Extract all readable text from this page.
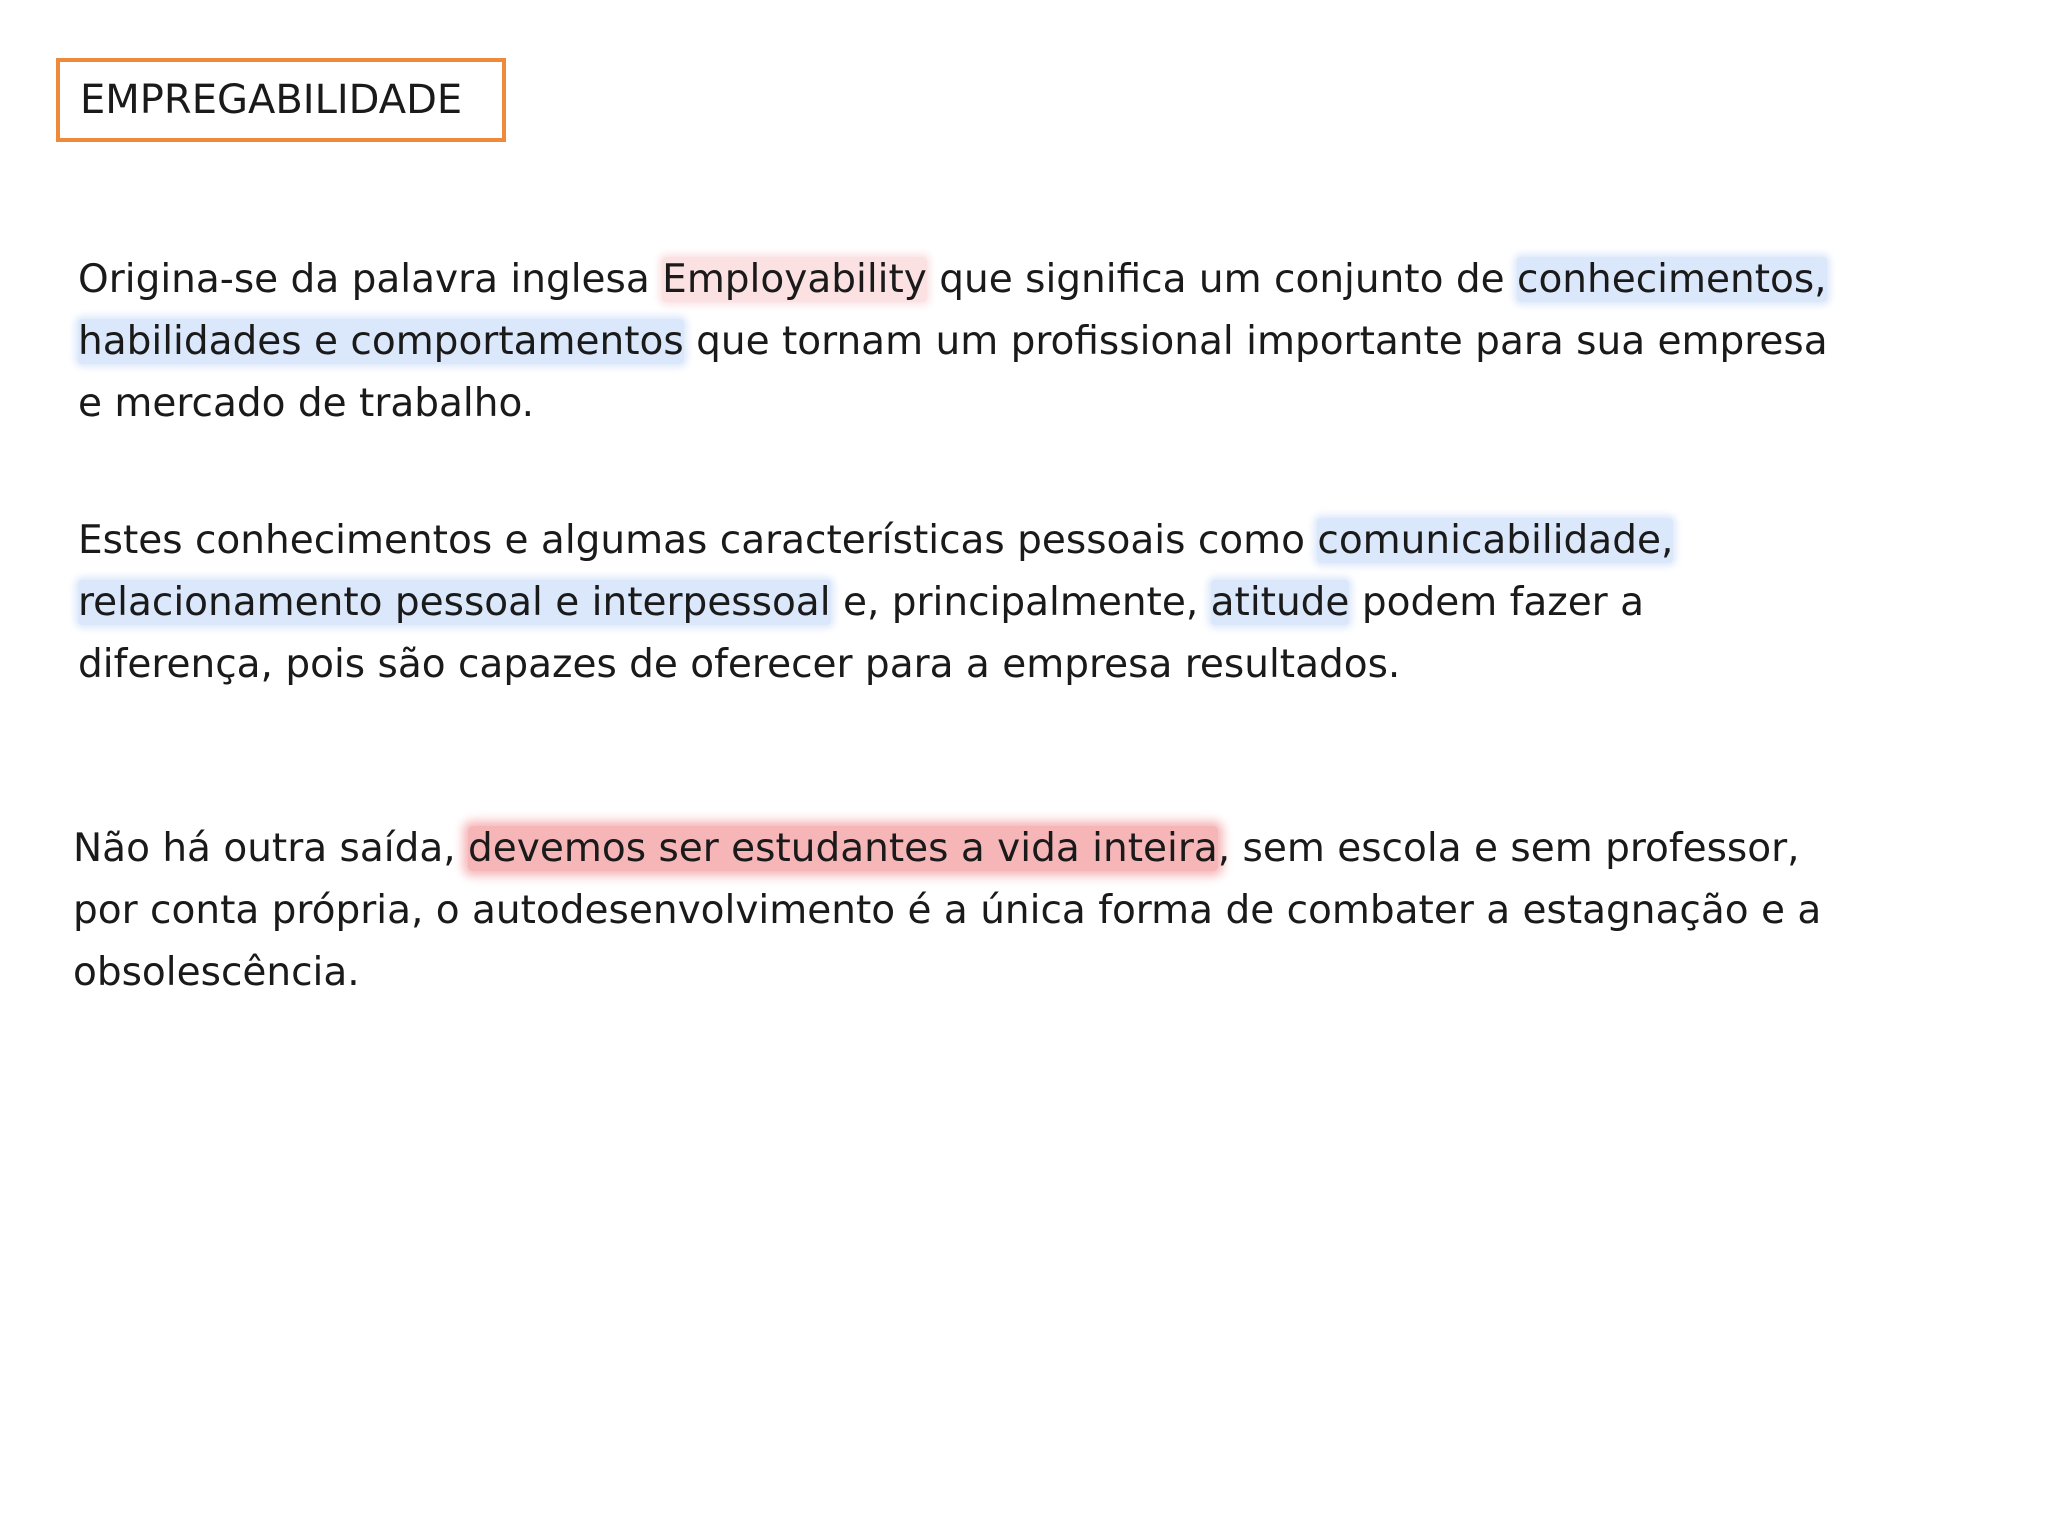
EMPREGABILIDADE
Origina-se da palavra inglesa Employability que significa um conjunto de conhecimentos,
habilidades e comportamentos que tornam um profissional importante para sua empresa
e mercado de trabalho.
Estes conhecimentos e algumas características pessoais como comunicabilidade,
relacionamento pessoal e interpessoal e, principalmente, atitude podem fazer a
diferença, pois são capazes de oferecer para a empresa resultados.
Não há outra saída, devemos ser estudantes a vida inteira, sem escola e sem professor,
por conta própria, o autodesenvolvimento é a única forma de combater a estagnação e a
obsolescência.
